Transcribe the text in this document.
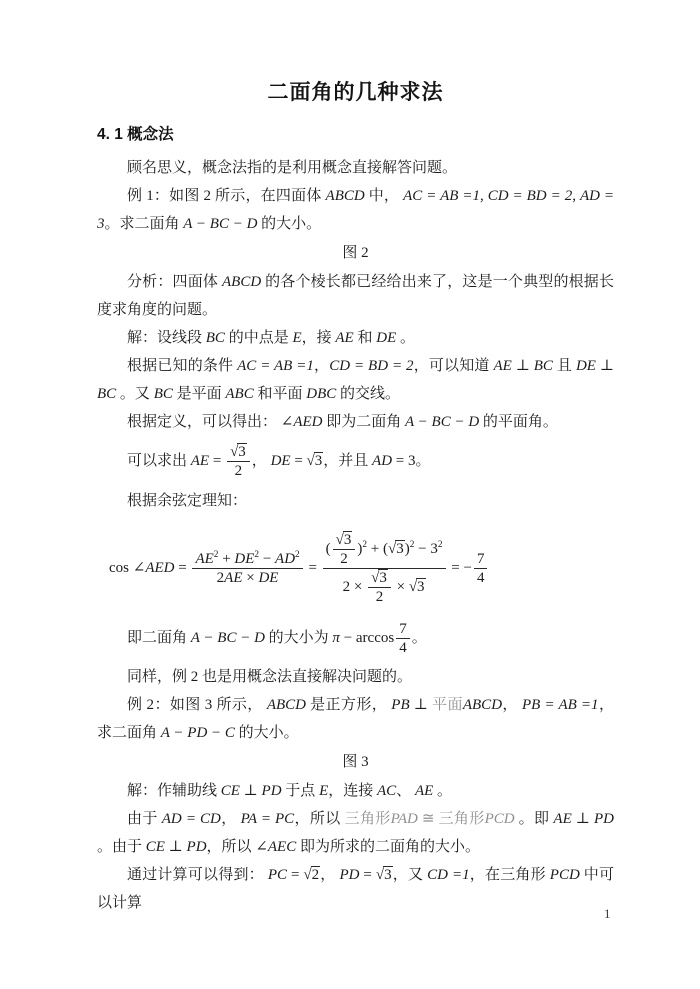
二面角的几种求法
4. 1 概念法

顾名思义，概念法指的是利用概念直接解答问题。

例 1：如图 2 所示，在四面体 ABCD 中， AC = AB =1, CD = BD = 2, AD = 3。求二面角 A − BC − D 的大小。

图 2

分析：四面体 ABCD 的各个棱长都已经给出来了，这是一个典型的根据长度求角度的问题。

解：设线段 BC 的中点是 E，接 AE 和 DE 。

根据已知的条件 AC = AB =1，CD = BD = 2，可以知道 AE ⊥ BC 且 DE ⊥ BC 。又 BC 是平面 ABC 和平面 DBC 的交线。

根据定义，可以得出： ∠AED 即为二面角 A − BC − D 的平面角。

可以求出 AE = $\frac{√3}{2}$ ， DE = √3，并且 AD = 3。

根据余弦定理知：

cos ∠AED = $\frac{AE^2 + DE^2 - AD^2}{2AE \times DE} = \frac{( \frac{√3}{2} )^2 + (√3)^2 - 3^2}{2 \times \frac{√3}{2} \times √3}$ = − $\frac{7}{4}$

即二面角 A − BC − D 的大小为 $\pi - \arccos \frac{7}{4}$ 。

同样，例 2 也是用概念法直接解决问题的。

例 2：如图 3 所示， ABCD 是正方形， PB ⊥ 平面ABCD， PB = AB =1，求二面角 A − PD − C 的大小。

图 3

解：作辅助线 CE ⊥ PD 于点 E，连接 AC、 AE 。

由于 AD = CD， PA = PC，所以 三角形PAD ≅ 三角形PCD 。即 AE ⊥ PD 。由于 CE ⊥ PD，所以 ∠AEC 即为所求的二面角的大小。

通过计算可以得到： PC = √2， PD = √3，又 CD =1，在三角形 PCD 中可以计算

1
